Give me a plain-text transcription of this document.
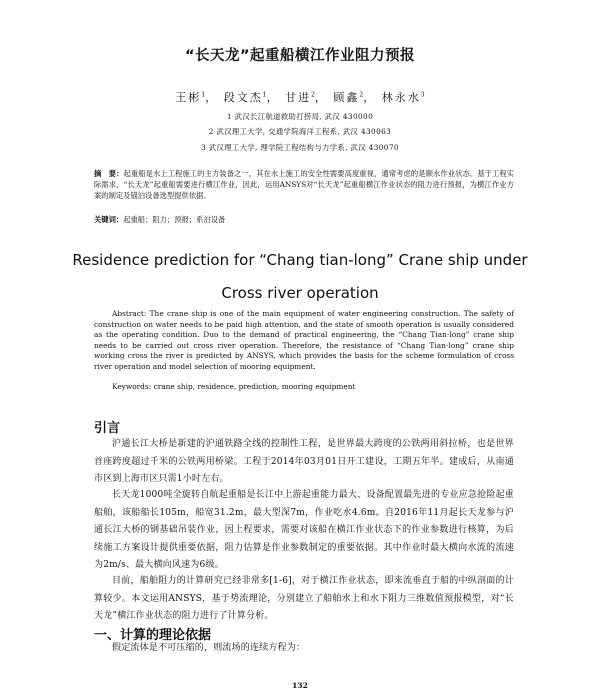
“长天龙”起重船横江作业阻力预报
王彬$^1$， 段文杰$^1$， 甘进$^2$， 顾鑫$^2$， 林永水$^3$
1 武汉长江航道救助打捞局, 武汉 430000
2 武汉理工大学, 交通学院海洋工程系, 武汉 430063
3 武汉理工大学, 理学院工程结构与力学系, 武汉 430070
摘　要：起重船是水上工程施工的主力装备之一，其在水上施工的安全性需要高度重视，通常考虑的是顺水作业状态。基于工程实际需求，“长天龙”起重船需要进行横江作业，因此，运用ANSYS对“长天龙”起重船横江作业状态的阻力进行预报，为横江作业方案的制定及锚泊设备选型提供依据。
关键词：起重船；阻力；预报；系泊设备
Residence prediction for “Chang tian-long” Crane ship under
Cross river operation
Abstract: The crane ship is one of the main equipment of water engineering construction. The safety of construction on water needs to be paid high attention, and the state of smooth operation is usually considered as the operating condition. Duo to the demand of practical engineering, the “Chang Tian-long” crane ship needs to be carried out cross river operation. Therefore, the resistance of “Chang Tian-long” crane ship working cross the river is predicted by ANSYS, which provides the basis for the scheme formulation of cross river operation and model selection of mooring equipment.
Keywords: crane ship, residence, prediction, mooring equipment
引言
沪通长江大桥是新建的沪通铁路全线的控制性工程，是世界最大跨度的公铁两用斜拉桥，也是世界首座跨度超过千米的公铁两用桥梁。工程于2014年03月01日开工建设，工期五年半。建成后，从南通市区到上海市区只需1小时左右。
长天龙1000吨全旋转自航起重船是长江中上游起重能力最大、设备配置最先进的专业应急抢险起重船舶，该船船长105m，船宽31.2m，最大型深7m，作业吃水4.6m。自2016年11月起长天龙参与沪通长江大桥的钢基础吊装作业，因上程要求，需要对该船在横江作业状态下的作业参数进行核算，为后续施工方案设计提供重要依据，阻力估算是作业参数制定的重要依据。其中作业时最大横向水流的流速为2m/s、最大横向风速为6级。
目前，船舶阻力的计算研究已经非常多[1-6]，对于横江作业状态，即来流垂直于船的中纵剖面的计算较少。本文运用ANSYS，基于势流理论，分别建立了船舶水上和水下阻力三维数值预报模型，对“长天龙”横江作业状态的阻力进行了计算分析。
一、计算的理论依据
假定流体是不可压缩的，则流场的连续方程为：
132
